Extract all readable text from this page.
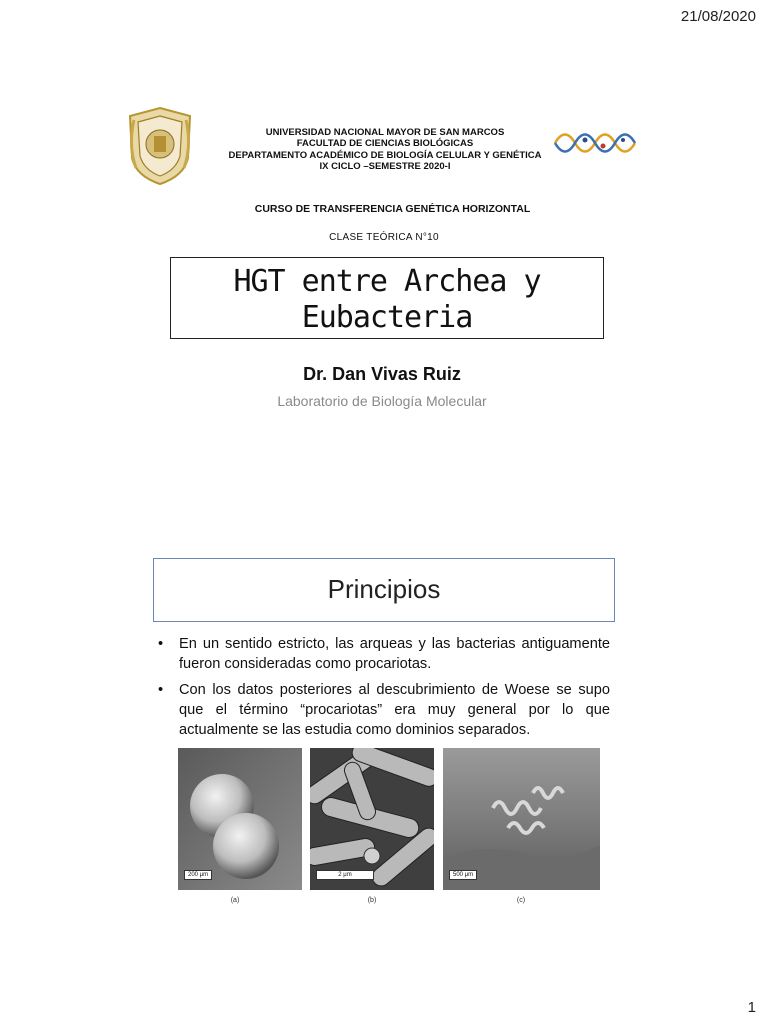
21/08/2020
UNIVERSIDAD NACIONAL MAYOR DE SAN MARCOS
FACULTAD DE CIENCIAS BIOLÓGICAS
DEPARTAMENTO ACADÉMICO DE BIOLOGÍA CELULAR Y GENÉTICA
IX CICLO –SEMESTRE 2020-I
CURSO DE TRANSFERENCIA GENÉTICA HORIZONTAL
CLASE TEÓRICA N°10
HGT entre Archea y
Eubacteria
Dr. Dan Vivas Ruiz
Laboratorio de Biología Molecular
Principios
• En un sentido estricto, las arqueas y las bacterias antiguamente fueron consideradas como procariotas.
• Con los datos posteriores al descubrimiento de Woese se supo que el término “procariotas” era muy general por lo que actualmente se las estudia como dominios separados.
200 μm	2 μm	500 μm
(a)	(b)	(c)
1
